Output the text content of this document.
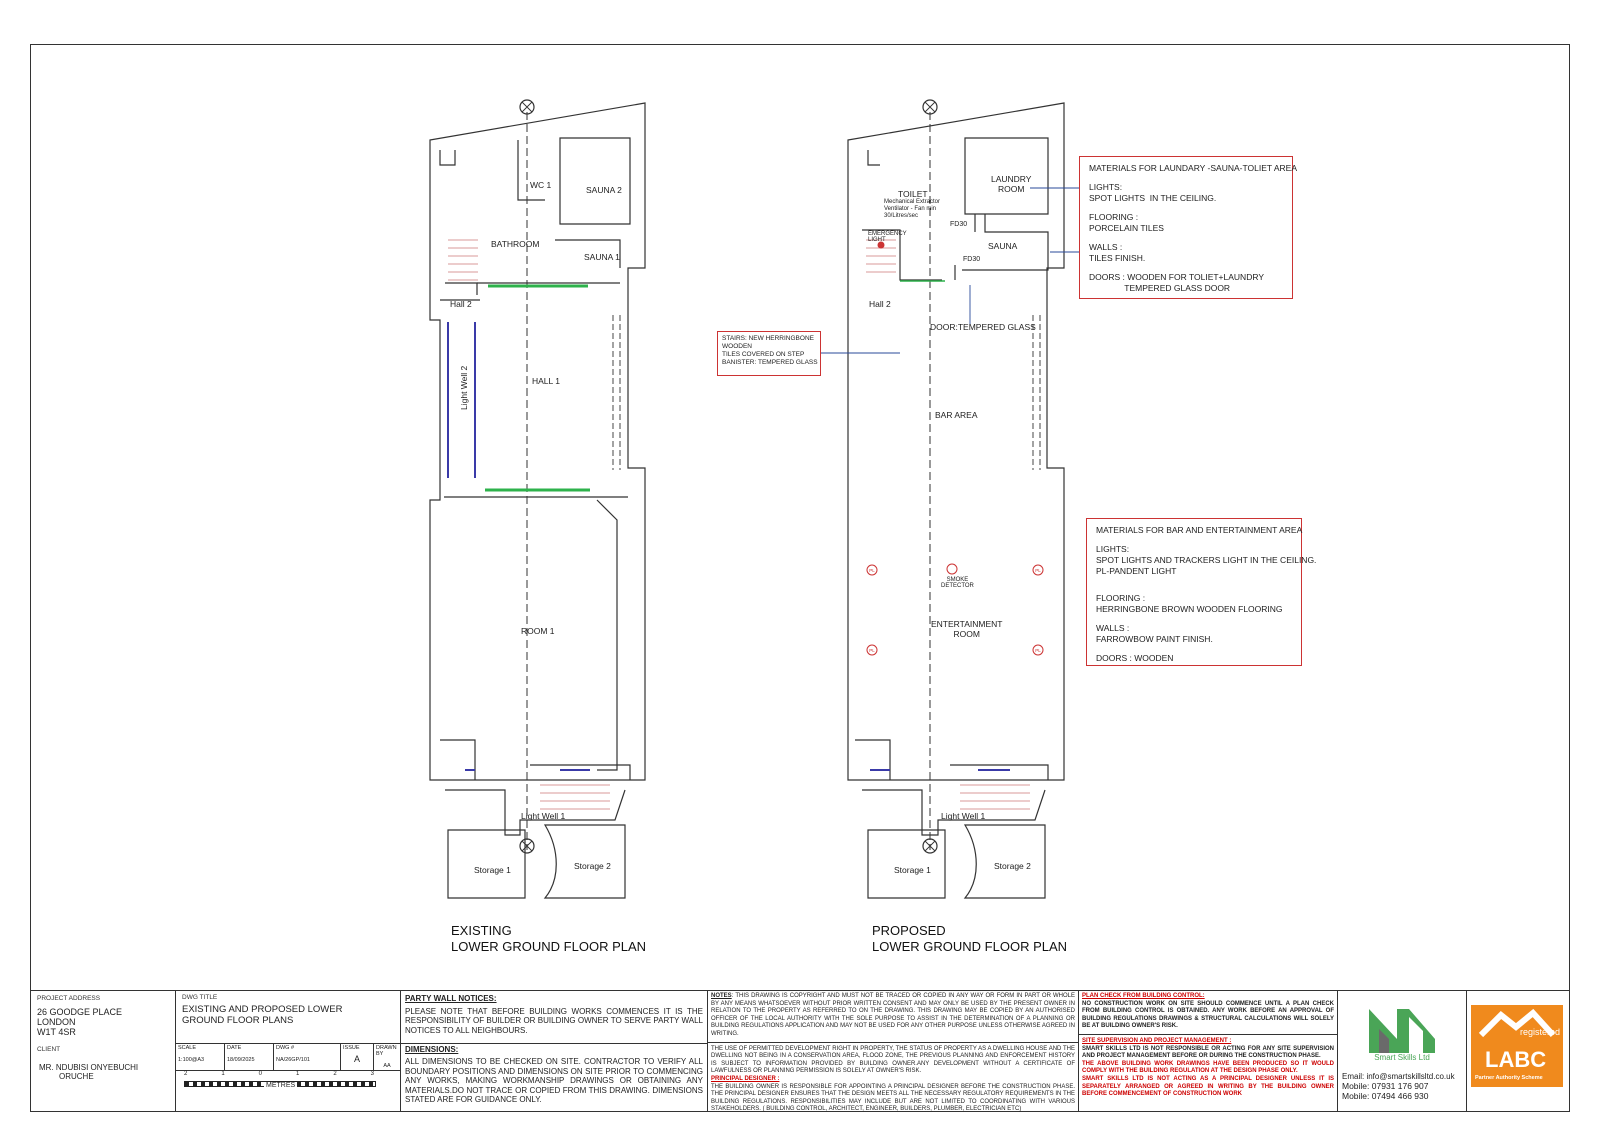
PL	PL
PL	PL
WC 1	SAUNA 2
BATHROOM
SAUNA 1
Hall 2
HALL 1
Light Well 2
ROOM 1
Light Well 1
Storage 1	Storage 2
EXISTING
LOWER GROUND FLOOR PLAN
TOILET
Mechanical Extractor
Ventilator - Fan min
30/Litres/sec
EMERGENCY
LIGHT
LAUNDRY
ROOM
FD30
SAUNA
FD30
Hall 2
DOOR:TEMPERED GLASS
BAR AREA
SMOKE
DETECTOR
ENTERTAINMENT
ROOM
Light Well 1
Storage 1	Storage 2
PROPOSED
LOWER GROUND FLOOR PLAN
STAIRS: NEW HERRINGBONE
WOODEN
TILES COVERED ON STEP
BANISTER: TEMPERED GLASS
MATERIALS FOR LAUNDARY -SAUNA-TOLIET AREA
LIGHTS:
SPOT LIGHTS  IN THE CEILING.
FLOORING :
PORCELAIN TILES
WALLS :
TILES FINISH.
DOORS : WOODEN FOR TOLIET+LAUNDRY
TEMPERED GLASS DOOR
MATERIALS FOR BAR AND ENTERTAINMENT AREA
LIGHTS:
SPOT LIGHTS AND TRACKERS LIGHT IN THE CEILING.
PL-PANDENT LIGHT
FLOORING :
HERRINGBONE BROWN WOODEN FLOORING
WALLS :
FARROWBOW PAINT FINISH.
DOORS : WOODEN
PROJECT ADDRESS
26 GOODGE PLACE
LONDON
W1T 4SR
CLIENT
MR. NDUBISI ONYEBUCHI
ORUCHE
DWG TITLE
EXISTING AND PROPOSED LOWER
GROUND FLOOR PLANS
SCALE
1:100@A3
DATE
18/09/2025
DWG #
NA/26GP/101
ISSUE
A
DRAWN BY
AA
2	1	0	1	2	3
METRES
PARTY WALL NOTICES:
PLEASE NOTE THAT BEFORE BUILDING WORKS COMMENCES IT IS THE RESPONSIBILITY OF BUILDER OR BUILDING OWNER TO SERVE PARTY WALL NOTICES TO ALL NEIGHBOURS.
DIMENSIONS:
ALL DIMENSIONS TO BE CHECKED ON SITE. CONTRACTOR TO VERIFY ALL BOUNDARY POSITIONS AND DIMENSIONS ON SITE PRIOR TO COMMENCING ANY WORKS, MAKING WORKMANSHIP DRAWINGS OR OBTAINING ANY MATERIALS.DO NOT TRACE OR COPIED FROM THIS DRAWING. DIMENSIONS STATED ARE FOR GUIDANCE ONLY.
NOTES: THIS DRAWING IS COPYRIGHT AND MUST NOT BE TRACED OR COPIED IN ANY WAY OR FORM IN PART OR WHOLE BY ANY MEANS WHATSOEVER WITHOUT PRIOR WRITTEN CONSENT AND MAY ONLY BE USED BY THE PRESENT OWNER IN RELATION TO THE PROPERTY AS REFERRED TO ON THE DRAWING. THIS DRAWING MAY BE COPIED BY AN AUTHORISED OFFICER OF THE LOCAL AUTHORITY WITH THE SOLE PURPOSE TO ASSIST IN THE DETERMINATION OF A PLANNING OR BUILDING REGULATIONS APPLICATION AND MAY NOT BE USED FOR ANY OTHER PURPOSE UNLESS OTHERWISE AGREED IN WRITING.
THE USE OF PERMITTED DEVELOPMENT RIGHT IN PROPERTY, THE STATUS OF PROPERTY AS A DWELLING HOUSE AND THE DWELLING NOT BEING IN A CONSERVATION AREA, FLOOD ZONE, THE PREVIOUS PLANNING AND ENFORCEMENT HISTORY IS SUBJECT TO INFORMATION PROVIDED BY BUILDING OWNER.ANY DEVELOPMENT WITHOUT A CERTIFICATE OF LAWFULNESS OR PLANNING PERMISSION IS SOLELY AT OWNER'S RISK.
PRINCIPAL DESIGNER :
THE BUILDING OWNER IS RESPONSIBLE FOR APPOINTING A PRINCIPAL DESIGNER BEFORE THE CONSTRUCTION PHASE. THE PRINCIPAL DESIGNER ENSURES THAT THE DESIGN MEETS ALL THE NECESSARY REGULATORY REQUIREMENTS IN THE BUILDING REGULATIONS. RESPONSIBILITIES MAY INCLUDE BUT ARE NOT LIMITED TO COORDINATING WITH VARIOUS STAKEHOLDERS. ( BUILDING CONTROL, ARCHITECT, ENGINEER, BUILDERS, PLUMBER, ELECTRICIAN ETC)
PLAN CHECK FROM BUILDING CONTROL:
NO CONSTRUCTION WORK ON SITE SHOULD COMMENCE UNTIL A PLAN CHECK FROM BUILDING CONTROL IS OBTAINED. ANY WORK BEFORE AN APPROVAL OF BUILDING REGULATIONS DRAWINGS & STRUCTURAL CALCULATIONS WILL SOLELY BE AT BUILDING OWNER'S RISK.
SITE SUPERVISION AND PROJECT MANAGEMENT :
SMART SKILLS LTD IS NOT RESPONSIBLE OR ACTING FOR ANY SITE SUPERVISION AND PROJECT MANAGEMENT BEFORE OR DURING THE CONSTRUCTION PHASE.
THE ABOVE BUILDING WORK DRAWINGS HAVE BEEN PRODUCED SO IT WOULD COMPLY WITH THE BUILDING REGULATION AT THE DESIGN PHASE ONLY.
SMART SKILLS LTD IS NOT ACTING AS A PRINCIPAL DESIGNER UNLESS IT IS SEPARATELY ARRANGED OR AGREED IN WRITING BY THE BUILDING OWNER BEFORE COMMENCEMENT OF CONSTRUCTION WORK
Smart Skills Ltd
Email: info@smartskillsltd.co.uk
Mobile: 07931 176 907
Mobile: 07494 466 930
registered
LABC
Partner Authority Scheme
